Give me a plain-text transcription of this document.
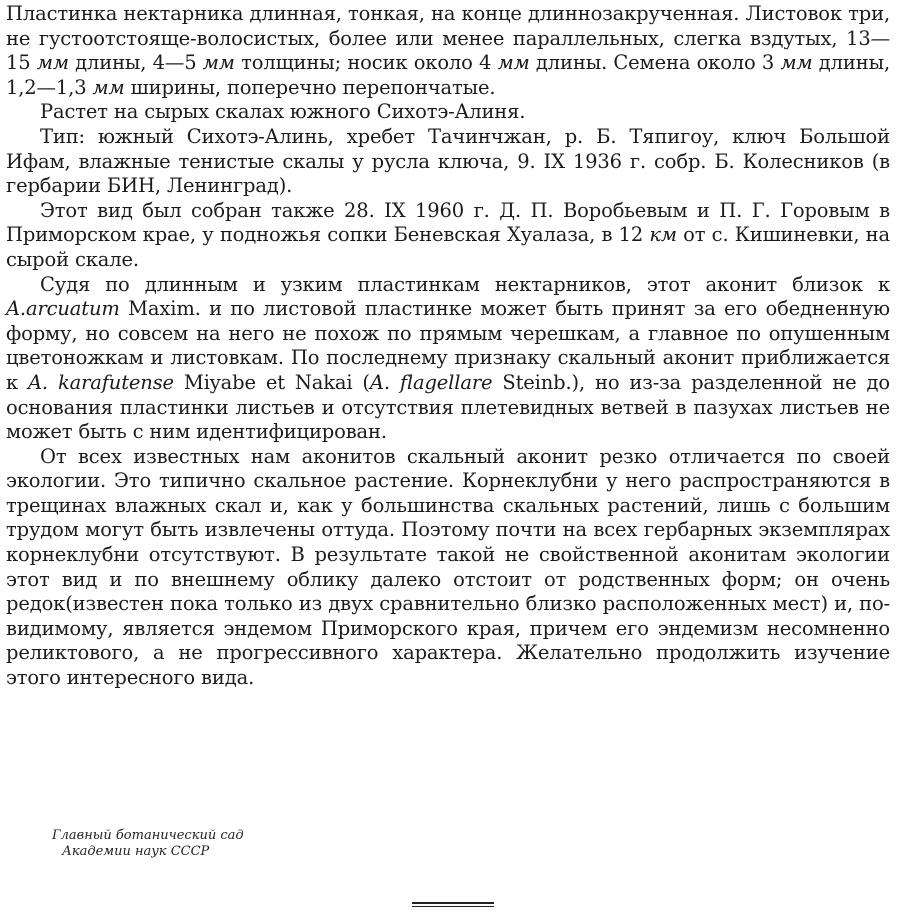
Пластинка нектарника длинная, тонкая, на конце длиннозакрученная. Листовок три, не густоотстояще-волосистых, более или менее параллельных, слегка вздутых, 13—15 мм длины, 4—5 мм толщины; носик около 4 мм длины. Семена около 3 мм длины, 1,2—1,3 мм ширины, поперечно перепончатые.

Растет на сырых скалах южного Сихотэ-Алиня.

Тип: южный Сихотэ-Алинь, хребет Тачинчжан, р. Б. Тяпигоу, ключ Большой Ифам, влажные тенистые скалы у русла ключа, 9. IX 1936 г. собр. Б. Колесников (в гербарии БИН, Ленинград).

Этот вид был собран также 28. IX 1960 г. Д. П. Воробьевым и П. Г. Горовым в Приморском крае, у подножья сопки Беневская Хуалаза, в 12 км от с. Кишиневки, на сырой скале.

Судя по длинным и узким пластинкам нектарников, этот аконит близок к A.arcuatum Maxim. и по листовой пластинке может быть принят за его обедненную форму, но совсем на него не похож по прямым черешкам, а главное по опушенным цветоножкам и листовкам. По последнему признаку скальный аконит приближается к A. karafutense Miyabe et Nakai (A. flagellare Steinb.), но из-за разделенной не до основания пластинки листьев и отсутствия плетевидных ветвей в пазухах листьев не может быть с ним идентифицирован.

От всех известных нам аконитов скальный аконит резко отличается по своей экологии. Это типично скальное растение. Корнеклубни у него распространяются в трещинах влажных скал и, как у большинства скальных растений, лишь с большим трудом могут быть извлечены оттуда. Поэтому почти на всех гербарных экземплярах корнеклубни отсутствуют. В результате такой не свойственной аконитам экологии этот вид и по внешнему облику далеко отстоит от родственных форм; он очень редок(известен пока только из двух сравнительно близко расположенных мест) и, по-видимому, является эндемом Приморского края, причем его эндемизм несомненно реликтового, а не прогрессивного характера. Желательно продолжить изучение этого интересного вида.

Главный ботанический сад
Академии наук СССР
